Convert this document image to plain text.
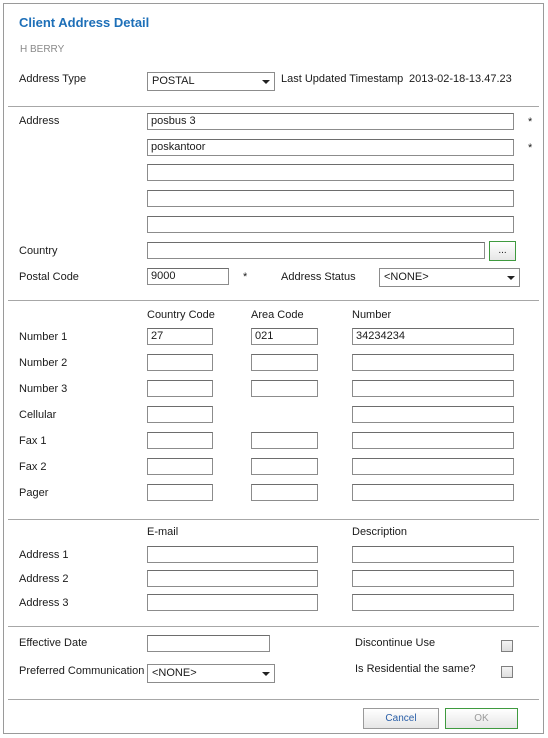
Client Address Detail
H BERRY
Address Type	POSTAL	Last Updated Timestamp 2013-02-18-13.47.23
Address	posbus 3	*
poskantoor	*
Country	...
Postal Code	9000	*	Address Status	<NONE>
Country Code	Area Code	Number
Number 1	27	021	34234234
Number 2
Number 3
Cellular
Fax 1
Fax 2
Pager
E-mail	Description
Address 1
Address 2
Address 3
Effective Date	Discontinue Use
Preferred Communication <NONE>	Is Residential the same?
Cancel	OK
